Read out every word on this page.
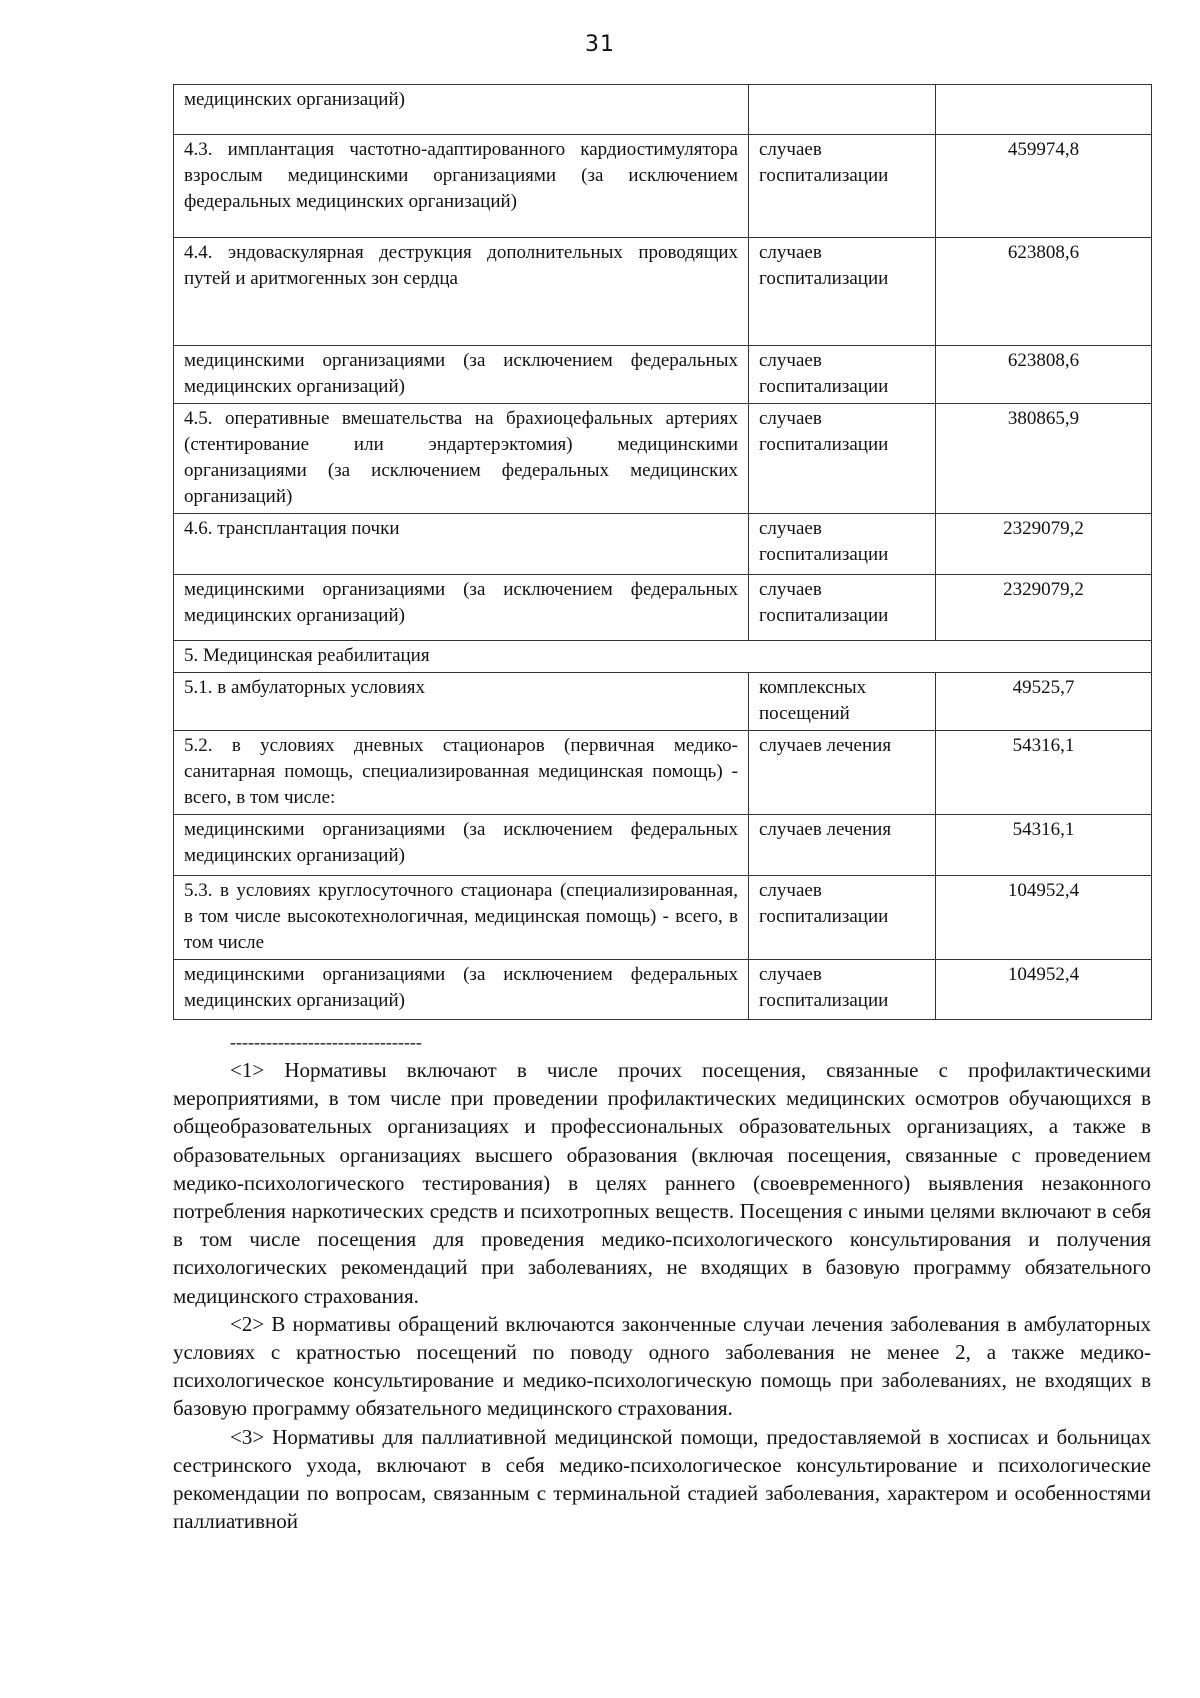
31
медицинских организаций)		
4.3. имплантация частотно-адаптированного кардиостимулятора взрослым медицинскими организациями (за исключением федеральных медицинских организаций)	случаев госпитализации	459974,8
4.4. эндоваскулярная деструкция дополнительных проводящих путей и аритмогенных зон сердца	случаев госпитализации	623808,6
медицинскими организациями (за исключением федеральных медицинских организаций)	случаев госпитализации	623808,6
4.5. оперативные вмешательства на брахиоцефальных артериях (стентирование или эндартерэктомия) медицинскими организациями (за исключением федеральных медицинских организаций)	случаев госпитализации	380865,9
4.6. трансплантация почки	случаев госпитализации	2329079,2
медицинскими организациями (за исключением федеральных медицинских организаций)	случаев госпитализации	2329079,2
5. Медицинская реабилитация		
5.1. в амбулаторных условиях	комплексных посещений	49525,7
5.2. в условиях дневных стационаров (первичная медико-санитарная помощь, специализированная медицинская помощь) - всего, в том числе:	случаев лечения	54316,1
медицинскими организациями (за исключением федеральных медицинских организаций)	случаев лечения	54316,1
5.3. в условиях круглосуточного стационара (специализированная, в том числе высокотехнологичная, медицинская помощь) - всего, в том числе	случаев госпитализации	104952,4
медицинскими организациями (за исключением федеральных медицинских организаций)	случаев госпитализации	104952,4
--------------------------------

<1> Нормативы включают в числе прочих посещения, связанные с профилактическими мероприятиями, в том числе при проведении профилактических медицинских осмотров обучающихся в общеобразовательных организациях и профессиональных образовательных организациях, а также в образовательных организациях высшего образования (включая посещения, связанные с проведением медико-психологического тестирования) в целях раннего (своевременного) выявления незаконного потребления наркотических средств и психотропных веществ. Посещения с иными целями включают в себя в том числе посещения для проведения медико-психологического консультирования и получения психологических рекомендаций при заболеваниях, не входящих в базовую программу обязательного медицинского страхования.

<2> В нормативы обращений включаются законченные случаи лечения заболевания в амбулаторных условиях с кратностью посещений по поводу одного заболевания не менее 2, а также медико-психологическое консультирование и медико-психологическую помощь при заболеваниях, не входящих в базовую программу обязательного медицинского страхования.

<3> Нормативы для паллиативной медицинской помощи, предоставляемой в хосписах и больницах сестринского ухода, включают в себя медико-психологическое консультирование и психологические рекомендации по вопросам, связанным с терминальной стадией заболевания, характером и особенностями паллиативной
